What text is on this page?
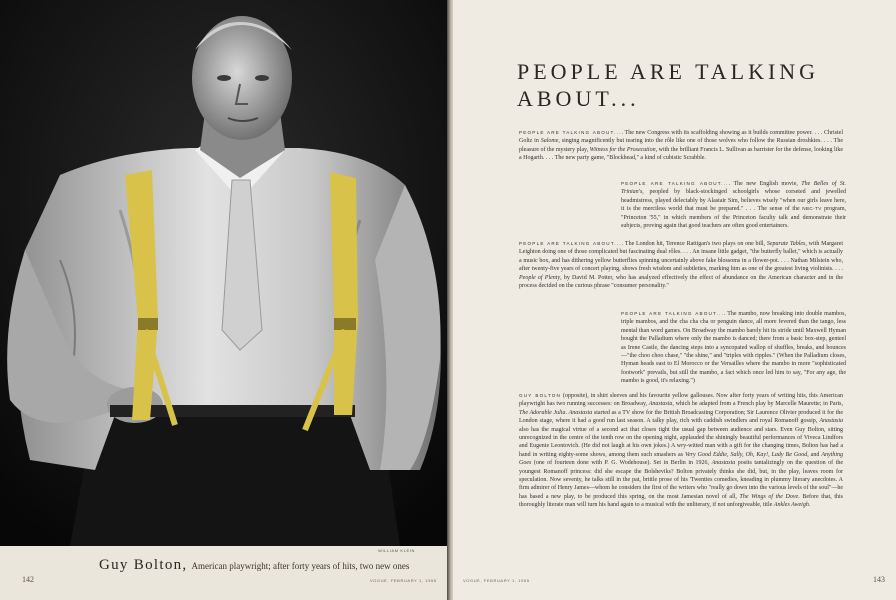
WILLIAM KLEIN
Guy Bolton, American playwright; after forty years of hits, two new ones
142	VOGUE, FEBRUARY 1, 1955
PEOPLE ARE TALKING
ABOUT...

PEOPLE ARE TALKING ABOUT.... The new Congress with its scaffolding showing as it builds committee power. . . . Christel Goltz in Salome, singing magnificently but tearing into the rôle like one of those wolves who follow the Russian droshkies. . . . The pleasure of the mystery play, Witness for the Prosecution, with the brilliant Francis L. Sullivan as barrister for the defense, looking like a Hogarth. . . . The new party game, "Blockhead," a kind of cubistic Scrabble.

PEOPLE ARE TALKING ABOUT.... The new English movie, The Belles of St. Trinian's, peopled by black-stockinged schoolgirls whose corseted and jewelled headmistress, played delectably by Alastair Sim, believes wisely "when our girls leave here, it is the merciless world that must be prepared." . . . The sense of the NBC-TV program, "Princeton '55," in which members of the Princeton faculty talk and demonstrate their subjects, proving again that good teachers are often good entertainers.

PEOPLE ARE TALKING ABOUT.... The London hit, Terence Rattigan's two plays on one bill, Separate Tables, with Margaret Leighton doing one of those complicated but fascinating dual rôles. . . . An insane little gadget, "the butterfly ballet," which is actually a music box, and has dithering yellow butterflies spinning uncertainly above fake blossoms in a flower-pot. . . . Nathan Milstein who, after twenty-five years of concert playing, shows fresh wisdom and subtleties, marking him as one of the greatest living violinists. . . . People of Plenty, by David M. Potter, who has analyzed effectively the effect of abundance on the American character and in the process decided on the curious phrase "consumer personality."

PEOPLE ARE TALKING ABOUT.... The mambo, now breaking into double mambos, triple mambos, and the cha cha cha or penguin dance, all more fevered than the tango, less mental than word games. On Broadway the mambo barely hit its stride until Maxwell Hyman bought the Palladium where only the mambo is danced; there from a basic box-step, genteel as Irene Castle, the dancing steps into a syncopated wallop of shuffles, breaks, and bounces—"the choo choo chase," "the shine," and "triples with ripples." (When the Palladium closes, Hyman heads east to El Morocco or the Versailles where the mambo in more "sophisticated footwork" prevails, but still the mambo, a fact which once led him to say, "For any age, the mambo is good, it's relaxing.")

GUY BOLTON (opposite), in shirt sleeves and his favourite yellow gallouses. Now after forty years of writing hits, this American playwright has two running successes: on Broadway, Anastasia, which he adapted from a French play by Marcelle Maurette; in Paris, The Adorable Julia. Anastasia started as a TV show for the British Broadcasting Corporation; Sir Laurence Olivier produced it for the London stage, where it had a good run last season. A talky play, rich with caddish swindlers and royal Romanoff gossip, Anastasia also has the magical virtue of a second act that closes tight the usual gap between audience and stars. Even Guy Bolton, sitting unrecognized in the centre of the tenth row on the opening night, applauded the shiningly beautiful performances of Viveca Lindfors and Eugenie Leontovich. (He did not laugh at his own jokes.) A wry-witted man with a gift for the changing times, Bolton has had a hand in writing eighty-some shows, among them such smashers as Very Good Eddie, Sally, Oh, Kay!, Lady Be Good, and Anything Goes (one of fourteen done with P. G. Wodehouse). Set in Berlin in 1926, Anastasia posits tantalizingly on the question of the youngest Romanoff princess: did she escape the Bolsheviks? Bolton privately thinks she did, but, in the play, leaves room for speculation. Now seventy, he talks still in the pat, brittle prose of his 'Twenties comedies, kneading in plummy literary anecdotes. A firm admirer of Henry James—whom he considers the first of the writers who "really go down into the various levels of the soul"—he has based a new play, to be produced this spring, on the most Jamesian novel of all, The Wings of the Dove. Before that, this thoroughly literate man will turn his hand again to a musical with the unliterary, if not unforgiveable, title Ankles Aweigh.

VOGUE, FEBRUARY 1, 1955	143
